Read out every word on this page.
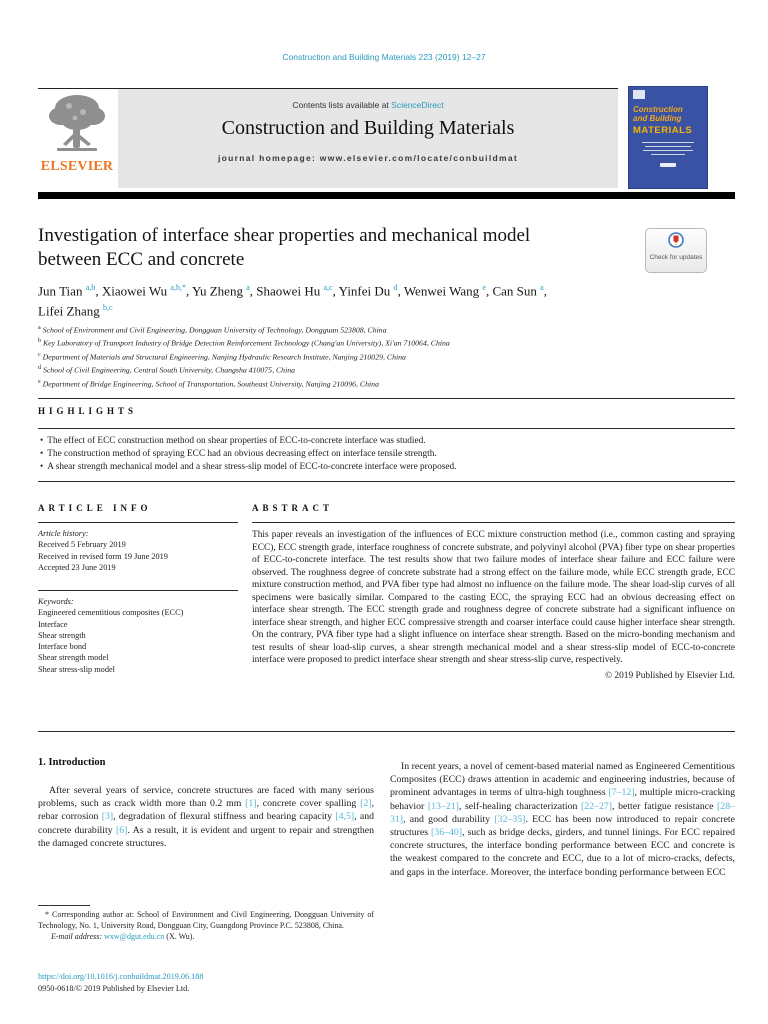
Construction and Building Materials 223 (2019) 12–27
ELSEVIER
Contents lists available at ScienceDirect
Construction and Building Materials
journal homepage: www.elsevier.com/locate/conbuildmat
Construction
and Building
MATERIALS
Investigation of interface shear properties and mechanical model
between ECC and concrete	Check for updates
Jun Tian $^{a,b}$, Xiaowei Wu $^{a,b,*}$, Yu Zheng $^a$, Shaowei Hu $^{a,c}$, Yinfei Du $^d$, Wenwei Wang $^e$, Can Sun $^a$,
Lifei Zhang $^{b,c}$
$^a$ School of Environment and Civil Engineering, Dongguan University of Technology, Dongguan 523808, China
$^b$ Key Laboratory of Transport Industry of Bridge Detection Reinforcement Technology (Chang'an University), Xi'an 710064, China
$^c$ Department of Materials and Structural Engineering, Nanjing Hydraulic Research Institute, Nanjing 210029, China
$^d$ School of Civil Engineering, Central South University, Changsha 410075, China
$^e$ Department of Bridge Engineering, School of Transportation, Southeast University, Nanjing 210096, China
HIGHLIGHTS
• The effect of ECC construction method on shear properties of ECC-to-concrete interface was studied.
• The construction method of spraying ECC had an obvious decreasing effect on interface tensile strength.
• A shear strength mechanical model and a shear stress-slip model of ECC-to-concrete interface were proposed.
ARTICLE INFO
Article history:
Received 5 February 2019
Received in revised form 19 June 2019
Accepted 23 June 2019
Keywords:
Engineered cementitious composites (ECC)
Interface
Shear strength
Interface bond
Shear strength model
Shear stress-slip model
ABSTRACT
This paper reveals an investigation of the influences of ECC mixture construction method (i.e., common casting and spraying ECC), ECC strength grade, interface roughness of concrete substrate, and polyvinyl alcohol (PVA) fiber type on shear properties of ECC-to-concrete interface. The test results show that two failure modes of interface shear failure and ECC failure were observed. The roughness degree of concrete substrate had a strong effect on the failure mode, while ECC strength grade, ECC mixture construction method, and PVA fiber type had almost no influence on the failure mode. The shear load-slip curves of all specimens were basically similar. Compared to the casting ECC, the spraying ECC had an obvious decreasing effect on interface shear strength. The ECC strength grade and roughness degree of concrete substrate had a significant influence on interface shear strength, and higher ECC compressive strength and coarser interface could cause higher interface shear strength. On the contrary, PVA fiber type had a slight influence on interface shear strength. Based on the micro-bonding mechanism and test results of shear load-slip curves, a shear strength mechanical model and a shear stress-slip model of ECC-to-concrete interface were proposed to predict interface shear strength and shear stress-slip curve, respectively.
© 2019 Published by Elsevier Ltd.
1. Introduction
After several years of service, concrete structures are faced with many serious problems, such as crack width more than 0.2 mm [1], concrete cover spalling [2], rebar corrosion [3], degradation of flexural stiffness and bearing capacity [4,5], and concrete durability [6]. As a result, it is evident and urgent to repair and strengthen the damaged concrete structures.
In recent years, a novel of cement-based material named as Engineered Cementitious Composites (ECC) draws attention in academic and engineering industries, because of prominent advantages in terms of ultra-high toughness [7–12], multiple micro-cracking behavior [13–21], self-healing characterization [22–27], better fatigue resistance [28–31], and good durability [32–35]. ECC has been now introduced to repair concrete structures [36–40], such as bridge decks, girders, and tunnel linings. For ECC repaired concrete structures, the interface bonding performance between ECC and concrete is the weakest compared to the concrete and ECC, due to a lot of micro-cracks, defects, and gaps in the interface. Moreover, the interface bonding performance between ECC
* Corresponding author at: School of Environment and Civil Engineering, Dongguan University of Technology, No. 1, University Road, Dongguan City, Guangdong Province P.C. 523808, China.
E-mail address: wxw@dgut.edu.cn (X. Wu).
https://doi.org/10.1016/j.conbuildmat.2019.06.188
0950-0618/© 2019 Published by Elsevier Ltd.
